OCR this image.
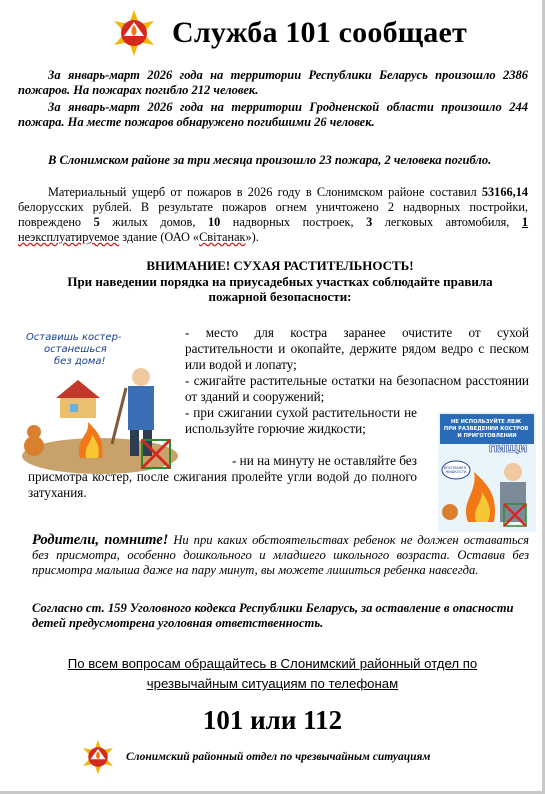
Служба 101 сообщает

За январь-март 2026 года на территории Республики Беларусь произошло 2386 пожаров. На пожарах погибло 212 человек.

За январь-март 2026 года на территории Гродненской области произошло 244 пожара. На месте пожаров обнаружено погибшими 26 человек.

В Слонимском районе за три месяца произошло 23 пожара, 2 человека погибло.

Материальный ущерб от пожаров в 2026 году в Слонимском районе составил 53166,14 белорусских рублей. В результате пожаров огнем уничтожено 2 надворных постройки, повреждено 5 жилых домов, 10 надворных построек, 3 легковых автомобиля, 1 неэксплуатируемое здание (ОАО «Світанак»).

ВНИМАНИЕ! СУХАЯ РАСТИТЕЛЬНОСТЬ!

При наведении порядка на приусадебных участках соблюдайте правила пожарной безопасности:

Оставишь костер- останешься без дома!
НЕ ИСПОЛЬЗУЙТЕ ЛВЖ ПРИ РАЗВЕДЕНИИ КОСТРОВ И ПРИГОТОВЛЕНИИ
ПИЩИ
ВОСПЛАМЕН. ЖИДКОСТИ

- место для костра заранее очистите от сухой растительности и окопайте, держите рядом ведро с песком или водой и лопату;

- сжигайте растительные остатки на безопасном расстоянии от зданий и сооружений;

- при сжигании сухой растительности не используйте горючие жидкости;

- ни на минуту не оставляйте без

присмотра костер, после сжигания пролейте угли водой до полного затухания.

Родители, помните! Ни при каких обстоятельствах ребенок не должен оставаться без присмотра, особенно дошкольного и младшего школьного возраста. Оставив без присмотра малыша даже на пару минут, вы можете лишиться ребенка навсегда.

Согласно ст. 159 Уголовного кодекса Республики Беларусь, за оставление в опасности детей предусмотрена уголовная ответственность.

По всем вопросам обращайтесь в Слонимский районный отдел по чрезвычайным ситуациям по телефонам

101 или 112

Слонимский районный отдел по чрезвычайным ситуациям
